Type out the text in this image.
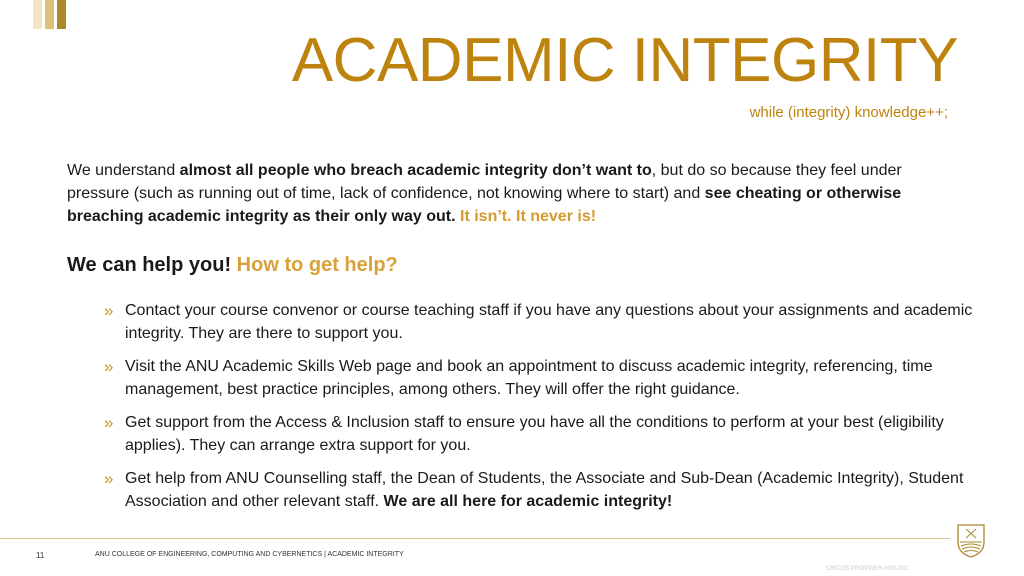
ACADEMIC INTEGRITY
while (integrity) knowledge++;
We understand almost all people who breach academic integrity don’t want to, but do so because they feel under pressure (such as running out of time, lack of confidence, not knowing where to start) and see cheating or otherwise breaching academic integrity as their only way out. It isn’t. It never is!
We can help you! How to get help?
» Contact your course convenor or course teaching staff if you have any questions about your assignments and academic integrity. They are there to support you.
» Visit the ANU Academic Skills Web page and book an appointment to discuss academic integrity, referencing, time management, best practice principles, among others. They will offer the right guidance.
» Get support from the Access & Inclusion staff to ensure you have all the conditions to perform at your best (eligibility applies). They can arrange extra support for you.
» Get help from ANU Counselling staff, the Dean of Students, the Associate and Sub-Dean (Academic Integrity), Student Association and other relevant staff. We are all here for academic integrity!
11	ANU COLLEGE OF ENGINEERING, COMPUTING AND CYBERNETICS | ACADEMIC INTEGRITY
CRICOS PROVIDER #00120C
